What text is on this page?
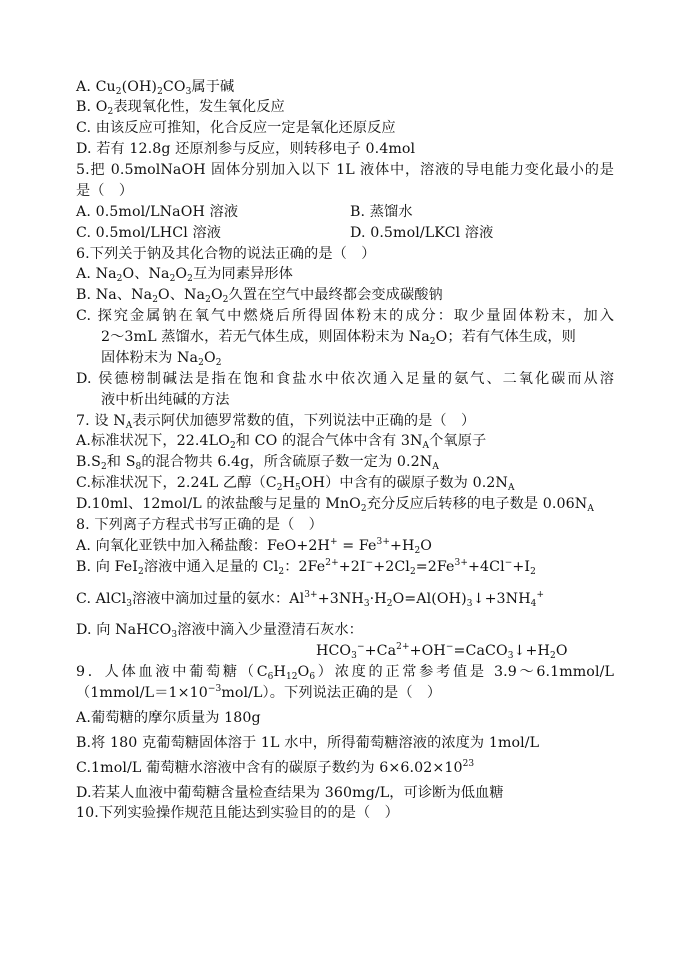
A. $Cu_2(OH)_2CO_3$属于碱
B. $O_2$表现氧化性，发生氧化反应
C. 由该反应可推知，化合反应一定是氧化还原反应
D. 若有 12.8g 还原剂参与反应，则转移电子 0.4mol
5.把 0.5molNaOH 固体分别加入以下 1L 液体中，溶液的导电能力变化最小的是
是（　）
A. 0.5mol/LNaOH 溶液	B. 蒸馏水
C. 0.5mol/LHCl 溶液	D. 0.5mol/LKCl 溶液
6.下列关于钠及其化合物的说法正确的是（　）
A. $Na_2O$、$Na_2O_2$互为同素异形体
B. Na、$Na_2O$、$Na_2O_2$久置在空气中最终都会变成碳酸钠
C. 探究金属钠在氧气中燃烧后所得固体粉末的成分：取少量固体粉末，加入
2～3mL 蒸馏水，若无气体生成，则固体粉末为 $Na_2O$；若有气体生成，则
固体粉末为 $Na_2O_2$
D. 侯德榜制碱法是指在饱和食盐水中依次通入足量的氨气、二氧化碳而从溶
液中析出纯碱的方法
7. 设 $N_A$表示阿伏加德罗常数的值，下列说法中正确的是（　）
A.标准状况下，$22.4LO_2$和 CO 的混合气体中含有 $3N_A$个氧原子
$B.S_2$和 $S_8$的混合物共 6.4g，所含硫原子数一定为 $0.2N_A$
C.标准状况下，2.24L 乙醇$(C_2H_5OH)$中含有的碳原子数为 $0.2N_A$
D.10ml、12mol/L 的浓盐酸与足量的 MnO$_2$充分反应后转移的电子数是 $0.06N_A$
8. 下列离子方程式书写正确的是（　）
A. 向氧化亚铁中加入稀盐酸：$FeO+2H^+ = Fe^{3+}+H_2O$
B. 向 FeI$_2$溶液中通入足量的 $Cl_2$：$2Fe^{2+}+2I^-+2Cl_2=2Fe^{3+}+4Cl^-+I_2$
C. AlCl$_3$溶液中滴加过量的氨水：$Al^{3+}+3NH_3\cdot H_2O=Al(OH)_3↓+3NH_4^+$
D. 向 NaHCO$_3$溶液中滴入少量澄清石灰水：
$HCO_3^-+Ca^{2+}+OH^-=CaCO_3↓+H_2O$
9．人体血液中葡萄糖$(C_6H_{12}O_6)$浓度的正常参考值是 3.9～6.1mmol/L
$(1mmol/L=1\times 10^{-3}mol/L)$。下列说法正确的是（　）
A.葡萄糖的摩尔质量为 180g
B.将 180 克葡萄糖固体溶于 1L 水中，所得葡萄糖溶液的浓度为 1mol/L
C.1mol/L 葡萄糖水溶液中含有的碳原子数约为 $6\times 6.02\times 10^{23}$
D.若某人血液中葡萄糖含量检查结果为 360mg/L，可诊断为低血糖
10.下列实验操作规范且能达到实验目的的是（　）
